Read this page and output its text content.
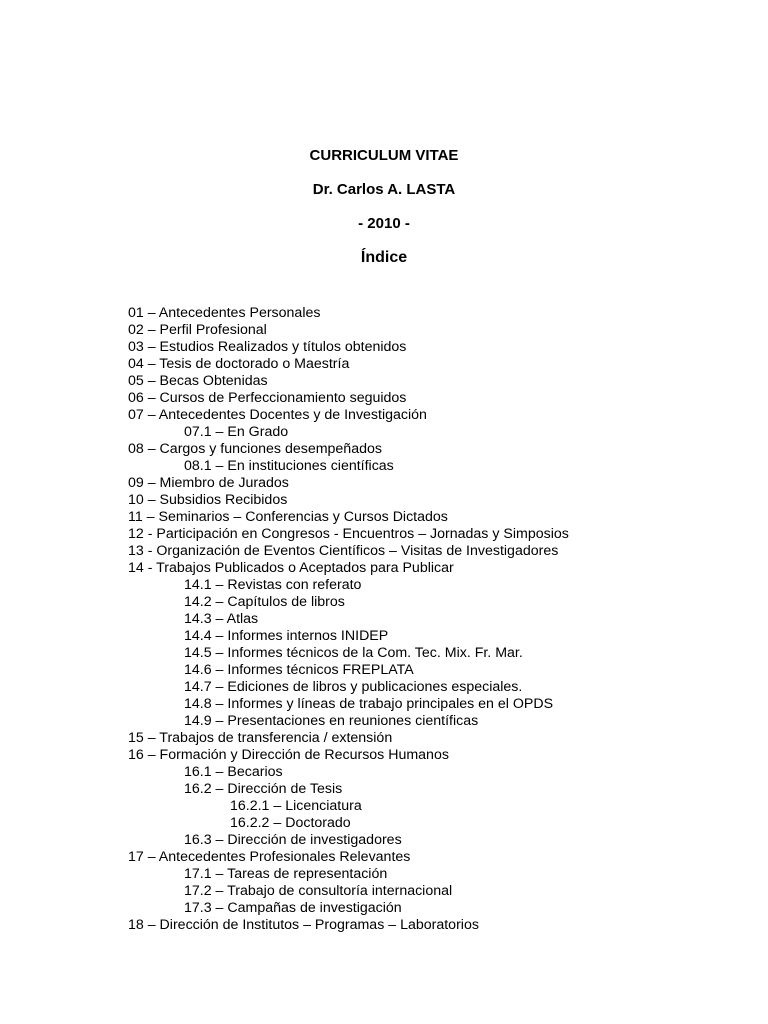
CURRICULUM VITAE
Dr. Carlos A. LASTA
- 2010 -
Índice
01 – Antecedentes Personales
02 – Perfil Profesional
03 – Estudios Realizados y títulos obtenidos
04 – Tesis de doctorado o Maestría
05 – Becas Obtenidas
06 – Cursos de Perfeccionamiento seguidos
07 – Antecedentes Docentes y de Investigación
07.1 – En Grado
08 – Cargos y funciones desempeñados
08.1 – En instituciones científicas
09 – Miembro de Jurados
10 – Subsidios Recibidos
11 – Seminarios – Conferencias y Cursos Dictados
12 - Participación en Congresos - Encuentros – Jornadas y Simposios
13 - Organización de Eventos Científicos – Visitas de Investigadores
14 - Trabajos Publicados o Aceptados para Publicar
14.1 – Revistas con referato
14.2 – Capítulos de libros
14.3 – Atlas
14.4 – Informes internos INIDEP
14.5 – Informes técnicos de la Com. Tec. Mix. Fr. Mar.
14.6 – Informes técnicos FREPLATA
14.7 – Ediciones de libros y publicaciones especiales.
14.8 – Informes y líneas de trabajo principales en el OPDS
14.9 – Presentaciones en reuniones científicas
15 – Trabajos de transferencia / extensión
16 – Formación y Dirección de Recursos Humanos
16.1 – Becarios
16.2 – Dirección de Tesis
16.2.1 – Licenciatura
16.2.2 – Doctorado
16.3 – Dirección de investigadores
17 – Antecedentes Profesionales Relevantes
17.1 – Tareas de representación
17.2 – Trabajo de consultoría internacional
17.3 – Campañas de investigación
18 – Dirección de Institutos – Programas – Laboratorios
